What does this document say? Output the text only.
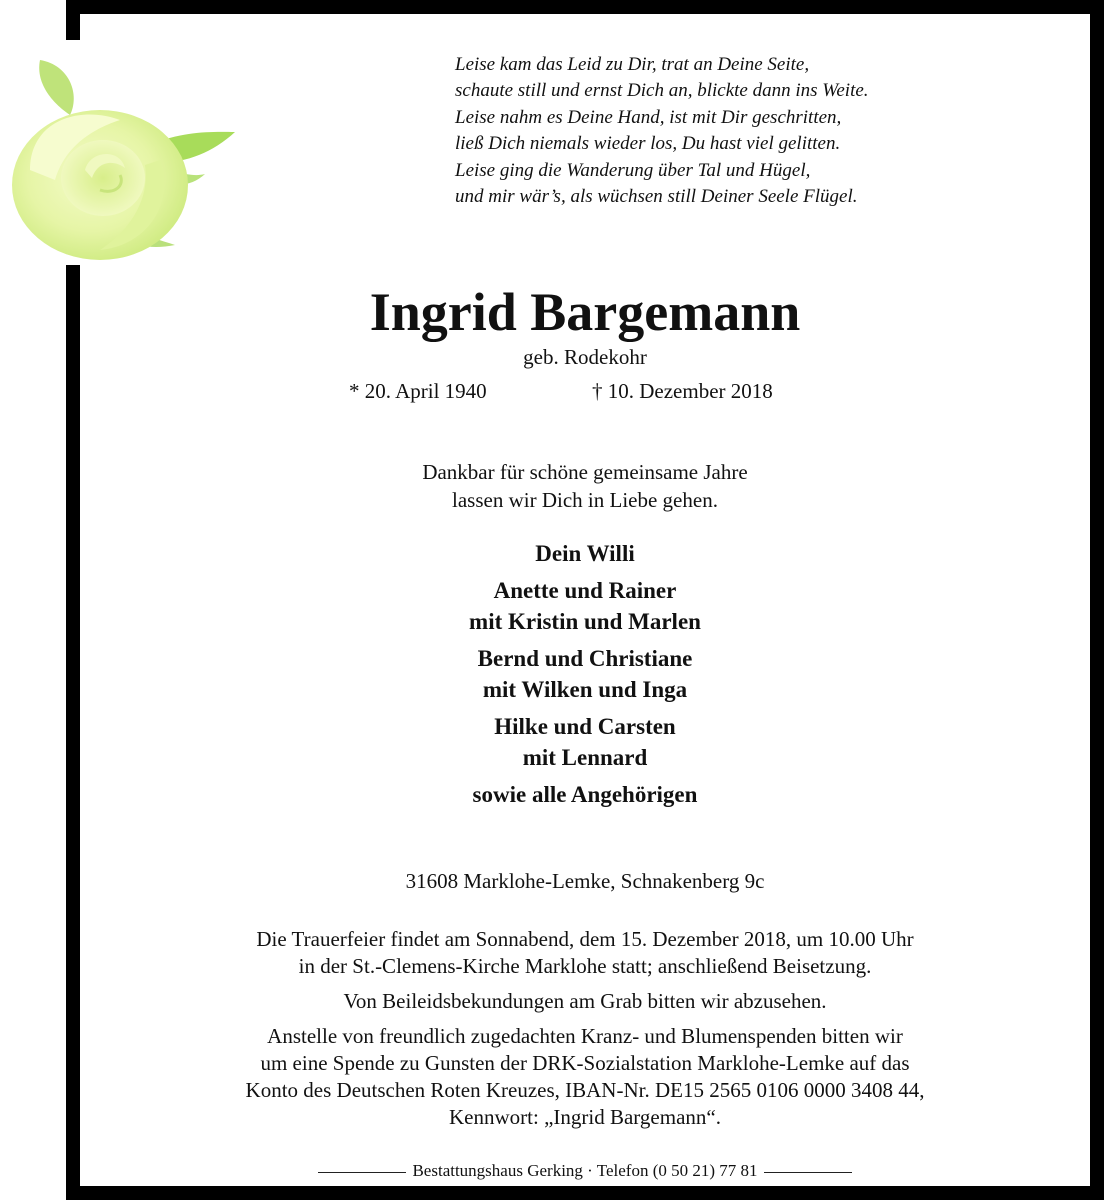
Leise kam das Leid zu Dir, trat an Deine Seite,
schaute still und ernst Dich an, blickte dann ins Weite.
Leise nahm es Deine Hand, ist mit Dir geschritten,
ließ Dich niemals wieder los, Du hast viel gelitten.
Leise ging die Wanderung über Tal und Hügel,
und mir wär’s, als wüchsen still Deiner Seele Flügel.
Ingrid Bargemann
geb. Rodekohr
* 20. April 1940	† 10. Dezember 2018
Dankbar für schöne gemeinsame Jahre
lassen wir Dich in Liebe gehen.
Dein Willi
Anette und Rainer
mit Kristin und Marlen
Bernd und Christiane
mit Wilken und Inga
Hilke und Carsten
mit Lennard
sowie alle Angehörigen
31608 Marklohe-Lemke, Schnakenberg 9c
Die Trauerfeier findet am Sonnabend, dem 15. Dezember 2018, um 10.00 Uhr
in der St.-Clemens-Kirche Marklohe statt; anschließend Beisetzung.
Von Beileidsbekundungen am Grab bitten wir abzusehen.
Anstelle von freundlich zugedachten Kranz- und Blumenspenden bitten wir
um eine Spende zu Gunsten der DRK-Sozialstation Marklohe-Lemke auf das
Konto des Deutschen Roten Kreuzes, IBAN-Nr. DE15 2565 0106 0000 3408 44,
Kennwort: „Ingrid Bargemann“.
Bestattungshaus Gerking · Telefon (0 50 21) 77 81
